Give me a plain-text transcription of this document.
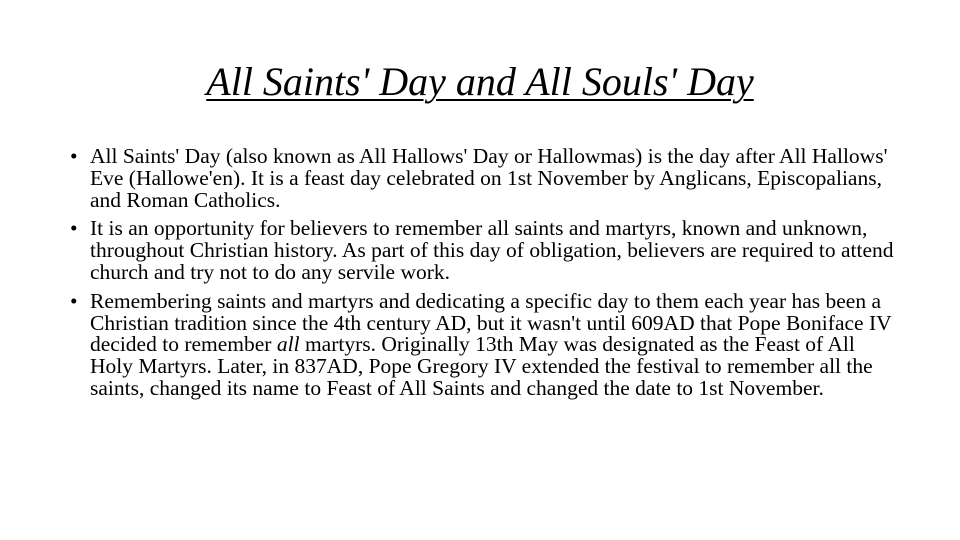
All Saints' Day and All Souls' Day
• All Saints' Day (also known as All Hallows' Day or Hallowmas) is the day after All Hallows' Eve (Hallowe'en). It is a feast day celebrated on 1st November by Anglicans, Episcopalians, and Roman Catholics.
• It is an opportunity for believers to remember all saints and martyrs, known and unknown, throughout Christian history. As part of this day of obligation, believers are required to attend church and try not to do any servile work.
• Remembering saints and martyrs and dedicating a specific day to them each year has been a Christian tradition since the 4th century AD, but it wasn't until 609AD that Pope Boniface IV decided to remember all martyrs. Originally 13th May was designated as the Feast of All Holy Martyrs. Later, in 837AD, Pope Gregory IV extended the festival to remember all the saints, changed its name to Feast of All Saints and changed the date to 1st November.
